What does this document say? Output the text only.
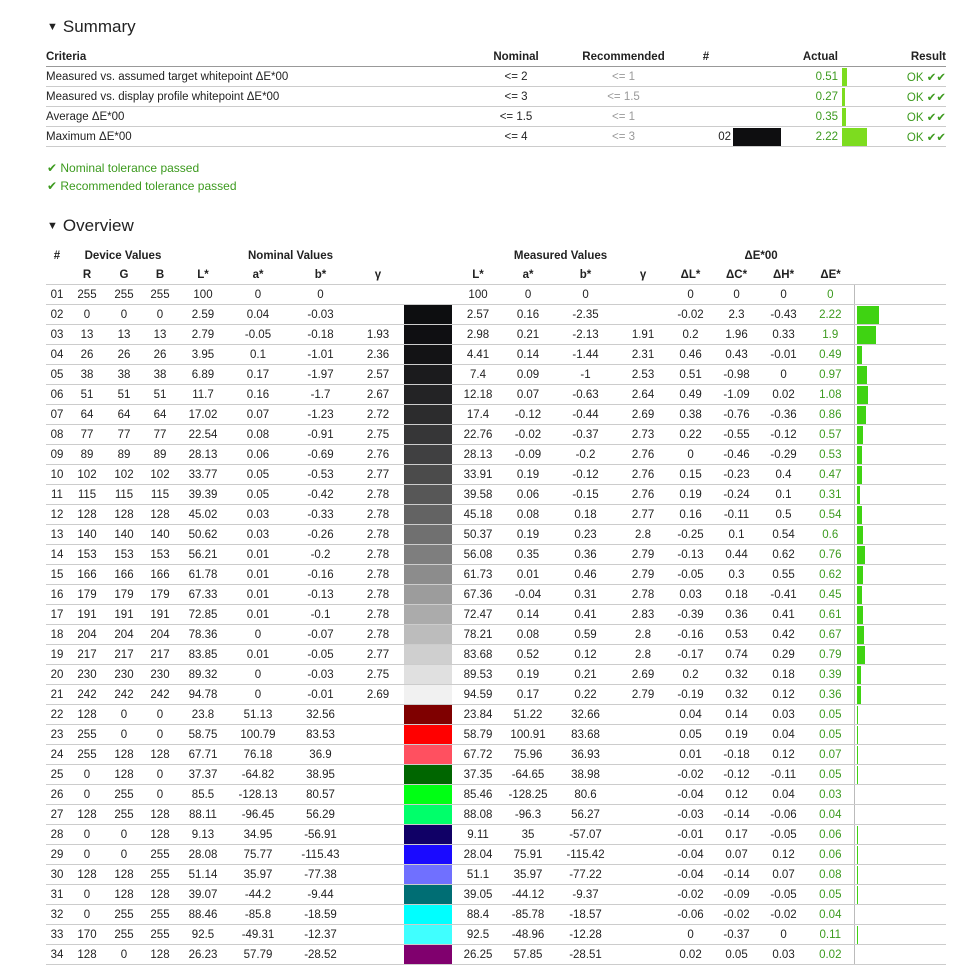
▼ Summary
Criteria	Nominal	Recommended	#		Actual		Result
Measured vs. assumed target whitepoint ΔE*00	<= 2	<= 1			0.51		OK ✔✔
Measured vs. display profile whitepoint ΔE*00	<= 3	<= 1.5			0.27		OK ✔✔
Average ΔE*00	<= 1.5	<= 1			0.35		OK ✔✔
Maximum ΔE*00	<= 4	<= 3	02		2.22		OK ✔✔
✔ Nominal tolerance passed
✔ Recommended tolerance passed
▼ Overview
#	Device Values			Nominal Values					Measured Values				ΔE*00				
	R	G	B	L*	a*	b*	γ		L*	a*	b*	γ	ΔL*	ΔC*	ΔH*	ΔE*	
01	255	255	255	100	0	0			100	0	0		0	0	0	0	

02	0	0	0	2.59	0.04	-0.03			2.57	0.16	-2.35		-0.02	2.3	-0.43	2.22	

03	13	13	13	2.79	-0.05	-0.18	1.93		2.98	0.21	-2.13	1.91	0.2	1.96	0.33	1.9	

04	26	26	26	3.95	0.1	-1.01	2.36		4.41	0.14	-1.44	2.31	0.46	0.43	-0.01	0.49	

05	38	38	38	6.89	0.17	-1.97	2.57		7.4	0.09	-1	2.53	0.51	-0.98	0	0.97	

06	51	51	51	11.7	0.16	-1.7	2.67		12.18	0.07	-0.63	2.64	0.49	-1.09	0.02	1.08	

07	64	64	64	17.02	0.07	-1.23	2.72		17.4	-0.12	-0.44	2.69	0.38	-0.76	-0.36	0.86	

08	77	77	77	22.54	0.08	-0.91	2.75		22.76	-0.02	-0.37	2.73	0.22	-0.55	-0.12	0.57	

09	89	89	89	28.13	0.06	-0.69	2.76		28.13	-0.09	-0.2	2.76	0	-0.46	-0.29	0.53	

10	102	102	102	33.77	0.05	-0.53	2.77		33.91	0.19	-0.12	2.76	0.15	-0.23	0.4	0.47	

11	115	115	115	39.39	0.05	-0.42	2.78		39.58	0.06	-0.15	2.76	0.19	-0.24	0.1	0.31	

12	128	128	128	45.02	0.03	-0.33	2.78		45.18	0.08	0.18	2.77	0.16	-0.11	0.5	0.54	

13	140	140	140	50.62	0.03	-0.26	2.78		50.37	0.19	0.23	2.8	-0.25	0.1	0.54	0.6	

14	153	153	153	56.21	0.01	-0.2	2.78		56.08	0.35	0.36	2.79	-0.13	0.44	0.62	0.76	

15	166	166	166	61.78	0.01	-0.16	2.78		61.73	0.01	0.46	2.79	-0.05	0.3	0.55	0.62	

16	179	179	179	67.33	0.01	-0.13	2.78		67.36	-0.04	0.31	2.78	0.03	0.18	-0.41	0.45	

17	191	191	191	72.85	0.01	-0.1	2.78		72.47	0.14	0.41	2.83	-0.39	0.36	0.41	0.61	

18	204	204	204	78.36	0	-0.07	2.78		78.21	0.08	0.59	2.8	-0.16	0.53	0.42	0.67	

19	217	217	217	83.85	0.01	-0.05	2.77		83.68	0.52	0.12	2.8	-0.17	0.74	0.29	0.79	

20	230	230	230	89.32	0	-0.03	2.75		89.53	0.19	0.21	2.69	0.2	0.32	0.18	0.39	

21	242	242	242	94.78	0	-0.01	2.69		94.59	0.17	0.22	2.79	-0.19	0.32	0.12	0.36	

22	128	0	0	23.8	51.13	32.56			23.84	51.22	32.66		0.04	0.14	0.03	0.05	

23	255	0	0	58.75	100.79	83.53			58.79	100.91	83.68		0.05	0.19	0.04	0.05	

24	255	128	128	67.71	76.18	36.9			67.72	75.96	36.93		0.01	-0.18	0.12	0.07	

25	0	128	0	37.37	-64.82	38.95			37.35	-64.65	38.98		-0.02	-0.12	-0.11	0.05	

26	0	255	0	85.5	-128.13	80.57			85.46	-128.25	80.6		-0.04	0.12	0.04	0.03	

27	128	255	128	88.11	-96.45	56.29			88.08	-96.3	56.27		-0.03	-0.14	-0.06	0.04	

28	0	0	128	9.13	34.95	-56.91			9.11	35	-57.07		-0.01	0.17	-0.05	0.06	

29	0	0	255	28.08	75.77	-115.43			28.04	75.91	-115.42		-0.04	0.07	0.12	0.06	

30	128	128	255	51.14	35.97	-77.38			51.1	35.97	-77.22		-0.04	-0.14	0.07	0.08	

31	0	128	128	39.07	-44.2	-9.44			39.05	-44.12	-9.37		-0.02	-0.09	-0.05	0.05	

32	0	255	255	88.46	-85.8	-18.59			88.4	-85.78	-18.57		-0.06	-0.02	-0.02	0.04	

33	170	255	255	92.5	-49.31	-12.37			92.5	-48.96	-12.28		0	-0.37	0	0.11	

34	128	0	128	26.23	57.79	-28.52			26.25	57.85	-28.51		0.02	0.05	0.03	0.02	
